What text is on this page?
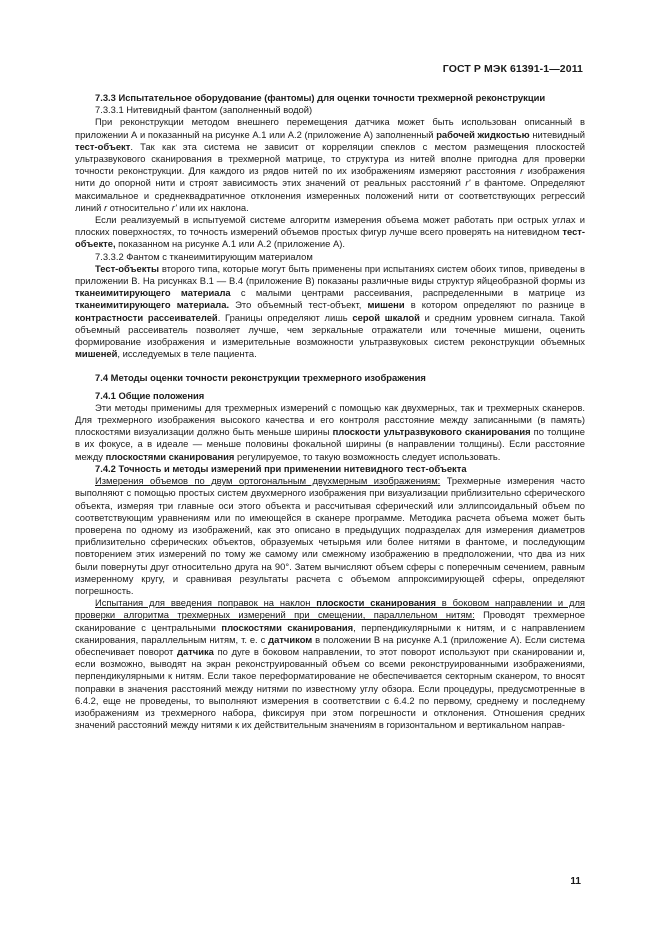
ГОСТ Р МЭК 61391-1—2011

7.3.3 Испытательное оборудование (фантомы) для оценки точности трехмерной реконструкции

7.3.3.1 Нитевидный фантом (заполненный водой)

При реконструкции методом внешнего перемещения датчика может быть использован описанный в приложении А и показанный на рисунке А.1 или А.2 (приложение А) заполненный рабочей жидкостью нитевидный тест-объект. Так как эта система не зависит от корреляции спеклов с местом размещения плоскостей ультразвукового сканирования в трехмерной матрице, то структура из нитей вполне пригодна для проверки точности реконструкции. Для каждого из рядов нитей по их изображениям измеряют расстояния r изображения нити до опорной нити и строят зависимость этих значений от реальных расстояний r' в фантоме. Определяют максимальное и среднеквадратичное отклонения измеренных положений нити от соответствующих регрессий линий r относительно r' или их наклона.

Если реализуемый в испытуемой системе алгоритм измерения объема может работать при острых углах и плоских поверхностях, то точность измерений объемов простых фигур лучше всего проверять на нитевидном тест-объекте, показанном на рисунке А.1 или А.2 (приложение А).

7.3.3.2 Фантом с тканеимитирующим материалом

Тест-объекты второго типа, которые могут быть применены при испытаниях систем обоих типов, приведены в приложении В. На рисунках В.1 — В.4 (приложение В) показаны различные виды структур яйцеобразной формы из тканеимитирующего материала с малыми центрами рассеивания, распределенными в матрице из тканеимитирующего материала. Это объемный тест-объект, мишени в котором определяют по разнице в контрастности рассеивателей. Границы определяют лишь серой шкалой и средним уровнем сигнала. Такой объемный рассеиватель позволяет лучше, чем зеркальные отражатели или точечные мишени, оценить формирование изображения и измерительные возможности ультразвуковых систем реконструкции объемных мишеней, исследуемых в теле пациента.

7.4 Методы оценки точности реконструкции трехмерного изображения

7.4.1 Общие положения

Эти методы применимы для трехмерных измерений с помощью как двухмерных, так и трехмерных сканеров. Для трехмерного изображения высокого качества и его контроля расстояние между записанными (в память) плоскостями визуализации должно быть меньше ширины плоскости ультразвукового сканирования по толщине в их фокусе, а в идеале — меньше половины фокальной ширины (в направлении толщины). Если расстояние между плоскостями сканирования регулируемое, то такую возможность следует использовать.

7.4.2 Точность и методы измерений при применении нитевидного тест-объекта

Измерения объемов по двум ортогональным двухмерным изображениям: Трехмерные измерения часто выполняют с помощью простых систем двухмерного изображения при визуализации приблизительно сферического объекта, измеряя три главные оси этого объекта и рассчитывая сферический или эллипсоидальный объем по соответствующим уравнениям или по имеющейся в сканере программе. Методика расчета объема может быть проверена по одному из изображений, как это описано в предыдущих подразделах для измерения диаметров приблизительно сферических объектов, образуемых четырьмя или более нитями в фантоме, и последующим повторением этих измерений по тому же самому или смежному изображению в предположении, что два из них были повернуты друг относительно друга на 90°. Затем вычисляют объем сферы с поперечным сечением, равным измеренному кругу, и сравнивая результаты расчета с объемом аппроксимирующей сферы, определяют погрешность.

Испытания для введения поправок на наклон плоскости сканирования в боковом направлении и для проверки алгоритма трехмерных измерений при смещении, параллельном нитям: Проводят трехмерное сканирование с центральными плоскостями сканирования, перпендикулярными к нитям, и с направлением сканирования, параллельным нитям, т. е. с датчиком в положении В на рисунке А.1 (приложение А). Если система обеспечивает поворот датчика по дуге в боковом направлении, то этот поворот используют при сканировании и, если возможно, выводят на экран реконструированный объем со всеми реконструированными изображениями, перпендикулярными к нитям. Если такое переформатирование не обеспечивается секторным сканером, то вносят поправки в значения расстояний между нитями по известному углу обзора. Если процедуры, предусмотренные в 6.4.2, еще не проведены, то выполняют измерения в соответствии с 6.4.2 по первому, среднему и последнему изображениям из трехмерного набора, фиксируя при этом погрешности и отклонения. Отношения средних значений расстояний между нитями к их действительным значениям в горизонтальном и вертикальном направ-

11
